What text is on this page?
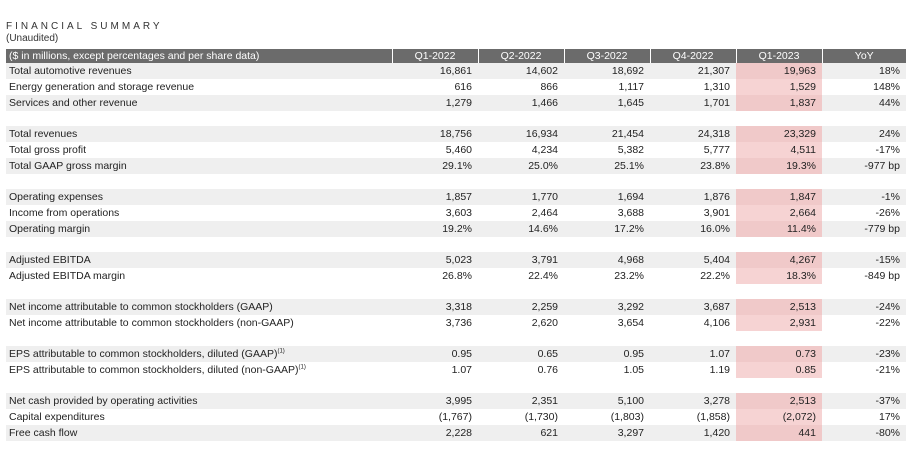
FINANCIAL SUMMARY
(Unaudited)
($ in millions, except percentages and per share data)	Q1-2022	Q2-2022	Q3-2022	Q4-2022	Q1-2023	YoY
Total automotive revenues	16,861	14,602	18,692	21,307	19,963	18%
Energy generation and storage revenue	616	866	1,117	1,310	1,529	148%
Services and other revenue	1,279	1,466	1,645	1,701	1,837	44%

Total revenues	18,756	16,934	21,454	24,318	23,329	24%
Total gross profit	5,460	4,234	5,382	5,777	4,511	-17%
Total GAAP gross margin	29.1%	25.0%	25.1%	23.8%	19.3%	-977 bp

Operating expenses	1,857	1,770	1,694	1,876	1,847	-1%
Income from operations	3,603	2,464	3,688	3,901	2,664	-26%
Operating margin	19.2%	14.6%	17.2%	16.0%	11.4%	-779 bp

Adjusted EBITDA	5,023	3,791	4,968	5,404	4,267	-15%
Adjusted EBITDA margin	26.8%	22.4%	23.2%	22.2%	18.3%	-849 bp

Net income attributable to common stockholders (GAAP)	3,318	2,259	3,292	3,687	2,513	-24%
Net income attributable to common stockholders (non-GAAP)	3,736	2,620	3,654	4,106	2,931	-22%

EPS attributable to common stockholders, diluted (GAAP)$^{(1)}$	0.95	0.65	0.95	1.07	0.73	-23%
EPS attributable to common stockholders, diluted (non-GAAP)$^{(1)}$	1.07	0.76	1.05	1.19	0.85	-21%

Net cash provided by operating activities	3,995	2,351	5,100	3,278	2,513	-37%
Capital expenditures	(1,767)	(1,730)	(1,803)	(1,858)	(2,072)	17%
Free cash flow	2,228	621	3,297	1,420	441	-80%
